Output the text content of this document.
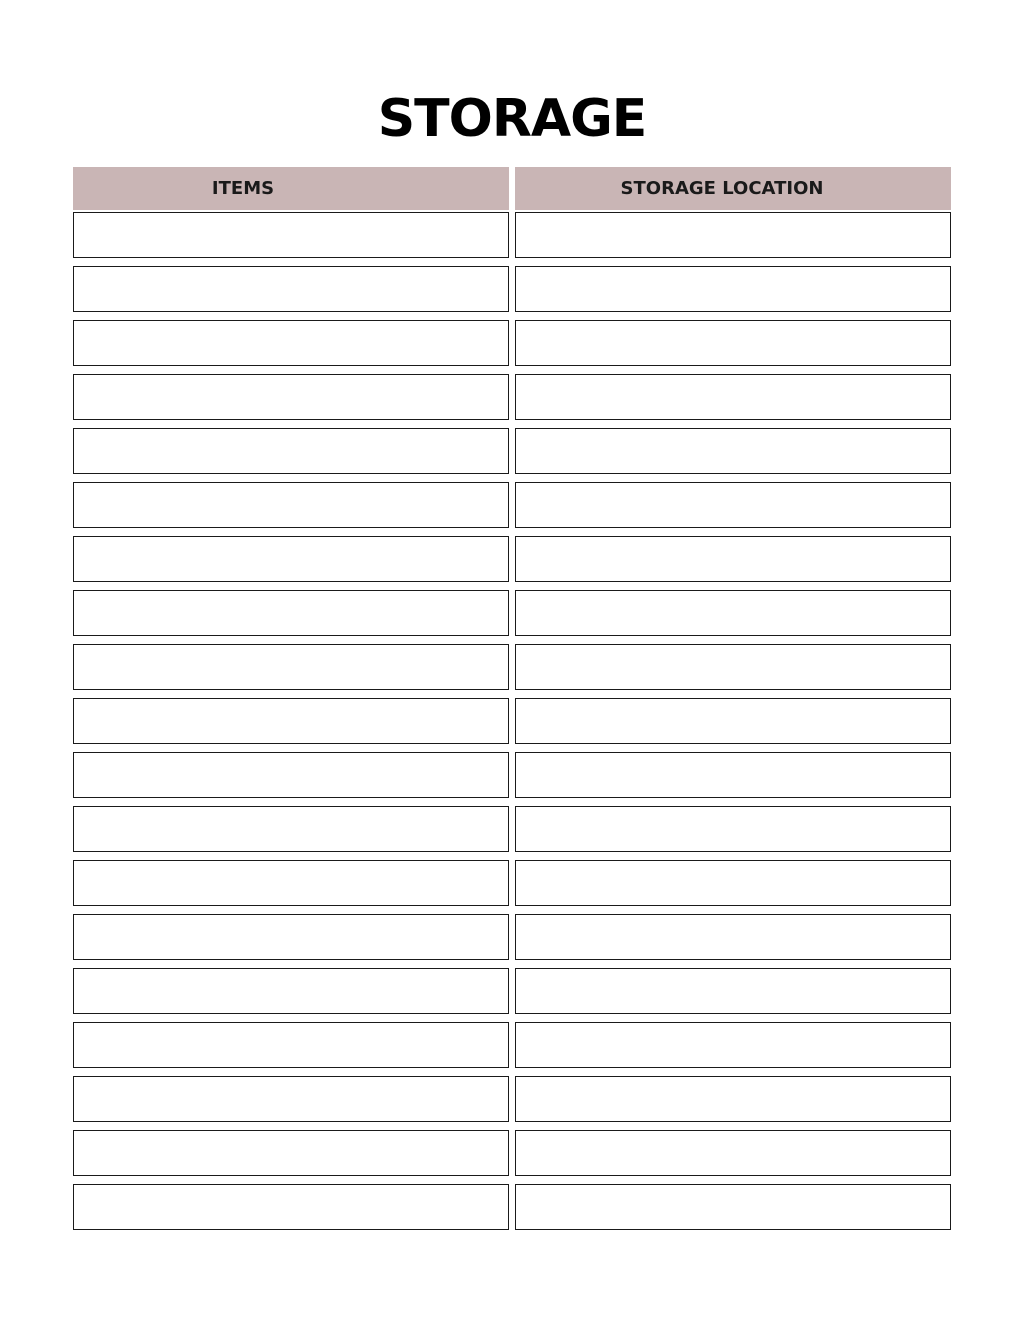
STORAGE
ITEMS	STORAGE LOCATION
